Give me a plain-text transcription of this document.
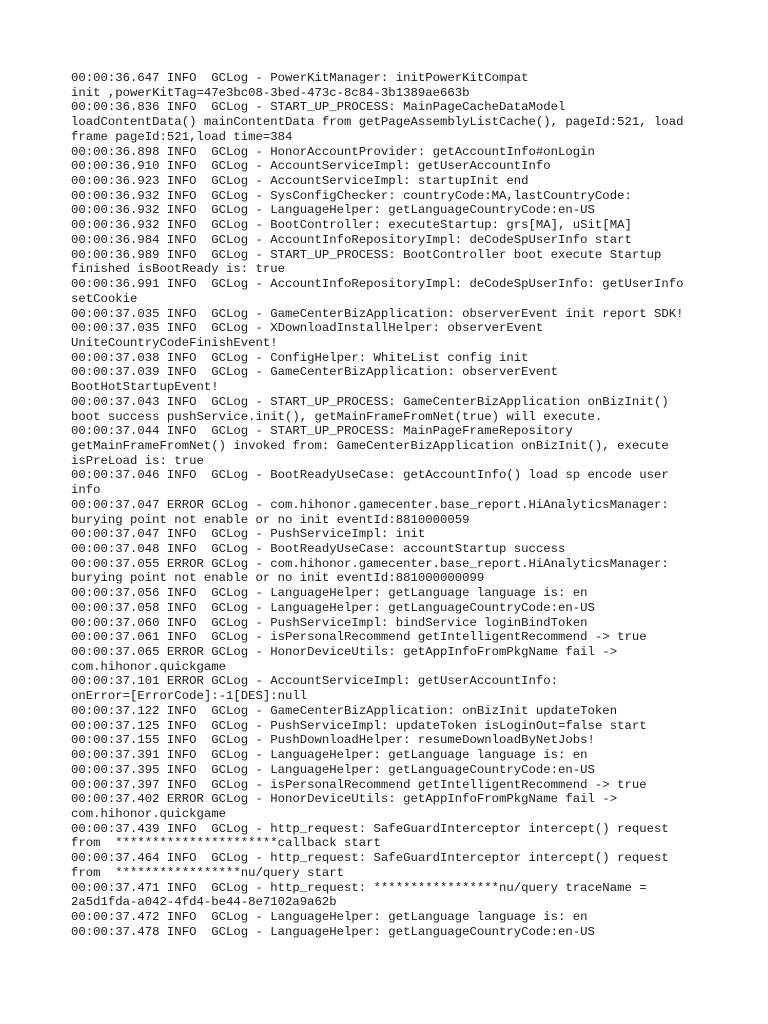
00:00:36.647 INFO  GCLog - PowerKitManager: initPowerKitCompat
init ,powerKitTag=47e3bc08-3bed-473c-8c84-3b1389ae663b
00:00:36.836 INFO  GCLog - START_UP_PROCESS: MainPageCacheDataModel
loadContentData() mainContentData from getPageAssemblyListCache(), pageId:521, load
frame pageId:521,load time=384
00:00:36.898 INFO  GCLog - HonorAccountProvider: getAccountInfo#onLogin
00:00:36.910 INFO  GCLog - AccountServiceImpl: getUserAccountInfo
00:00:36.923 INFO  GCLog - AccountServiceImpl: startupInit end
00:00:36.932 INFO  GCLog - SysConfigChecker: countryCode:MA,lastCountryCode:
00:00:36.932 INFO  GCLog - LanguageHelper: getLanguageCountryCode:en-US
00:00:36.932 INFO  GCLog - BootController: executeStartup: grs[MA], uSit[MA]
00:00:36.984 INFO  GCLog - AccountInfoRepositoryImpl: deCodeSpUserInfo start
00:00:36.989 INFO  GCLog - START_UP_PROCESS: BootController boot execute Startup
finished isBootReady is: true
00:00:36.991 INFO  GCLog - AccountInfoRepositoryImpl: deCodeSpUserInfo: getUserInfo
setCookie
00:00:37.035 INFO  GCLog - GameCenterBizApplication: observerEvent init report SDK!
00:00:37.035 INFO  GCLog - XDownloadInstallHelper: observerEvent
UniteCountryCodeFinishEvent!
00:00:37.038 INFO  GCLog - ConfigHelper: WhiteList config init
00:00:37.039 INFO  GCLog - GameCenterBizApplication: observerEvent
BootHotStartupEvent!
00:00:37.043 INFO  GCLog - START_UP_PROCESS: GameCenterBizApplication onBizInit()
boot success pushService.init(), getMainFrameFromNet(true) will execute.
00:00:37.044 INFO  GCLog - START_UP_PROCESS: MainPageFrameRepository
getMainFrameFromNet() invoked from: GameCenterBizApplication onBizInit(), execute
isPreLoad is: true
00:00:37.046 INFO  GCLog - BootReadyUseCase: getAccountInfo() load sp encode user
info
00:00:37.047 ERROR GCLog - com.hihonor.gamecenter.base_report.HiAnalyticsManager:
burying point not enable or no init eventId:8810000059
00:00:37.047 INFO  GCLog - PushServiceImpl: init
00:00:37.048 INFO  GCLog - BootReadyUseCase: accountStartup success
00:00:37.055 ERROR GCLog - com.hihonor.gamecenter.base_report.HiAnalyticsManager:
burying point not enable or no init eventId:881000000099
00:00:37.056 INFO  GCLog - LanguageHelper: getLanguage language is: en
00:00:37.058 INFO  GCLog - LanguageHelper: getLanguageCountryCode:en-US
00:00:37.060 INFO  GCLog - PushServiceImpl: bindService loginBindToken
00:00:37.061 INFO  GCLog - isPersonalRecommend getIntelligentRecommend -> true
00:00:37.065 ERROR GCLog - HonorDeviceUtils: getAppInfoFromPkgName fail ->
com.hihonor.quickgame
00:00:37.101 ERROR GCLog - AccountServiceImpl: getUserAccountInfo:
onError=[ErrorCode]:-1[DES]:null
00:00:37.122 INFO  GCLog - GameCenterBizApplication: onBizInit updateToken
00:00:37.125 INFO  GCLog - PushServiceImpl: updateToken isLoginOut=false start
00:00:37.155 INFO  GCLog - PushDownloadHelper: resumeDownloadByNetJobs!
00:00:37.391 INFO  GCLog - LanguageHelper: getLanguage language is: en
00:00:37.395 INFO  GCLog - LanguageHelper: getLanguageCountryCode:en-US
00:00:37.397 INFO  GCLog - isPersonalRecommend getIntelligentRecommend -> true
00:00:37.402 ERROR GCLog - HonorDeviceUtils: getAppInfoFromPkgName fail ->
com.hihonor.quickgame
00:00:37.439 INFO  GCLog - http_request: SafeGuardInterceptor intercept() request
from  **********************callback start
00:00:37.464 INFO  GCLog - http_request: SafeGuardInterceptor intercept() request
from  *****************nu/query start
00:00:37.471 INFO  GCLog - http_request: *****************nu/query traceName =
2a5d1fda-a042-4fd4-be44-8e7102a9a62b
00:00:37.472 INFO  GCLog - LanguageHelper: getLanguage language is: en
00:00:37.478 INFO  GCLog - LanguageHelper: getLanguageCountryCode:en-US
